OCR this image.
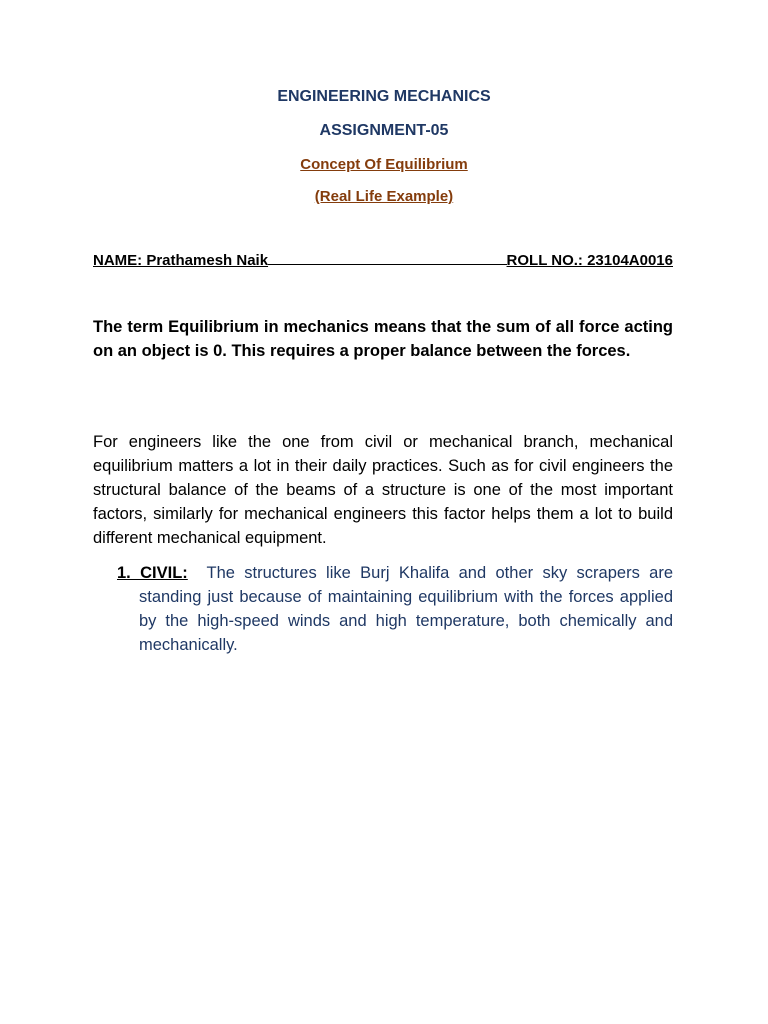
ENGINEERING MECHANICS
ASSIGNMENT-05
Concept Of Equilibrium
(Real Life Example)
NAME: Prathamesh Naik	ROLL NO.: 23104A0016
The term Equilibrium in mechanics means that the sum of all force acting on an object is 0. This requires a proper balance between the forces.
For engineers like the one from civil or mechanical branch, mechanical equilibrium matters a lot in their daily practices. Such as for civil engineers the structural balance of the beams of a structure is one of the most important factors, similarly for mechanical engineers this factor helps them a lot to build different mechanical equipment.
1. CIVIL: The structures like Burj Khalifa and other sky scrapers are standing just because of maintaining equilibrium with the forces applied by the high-speed winds and high temperature, both chemically and mechanically.
